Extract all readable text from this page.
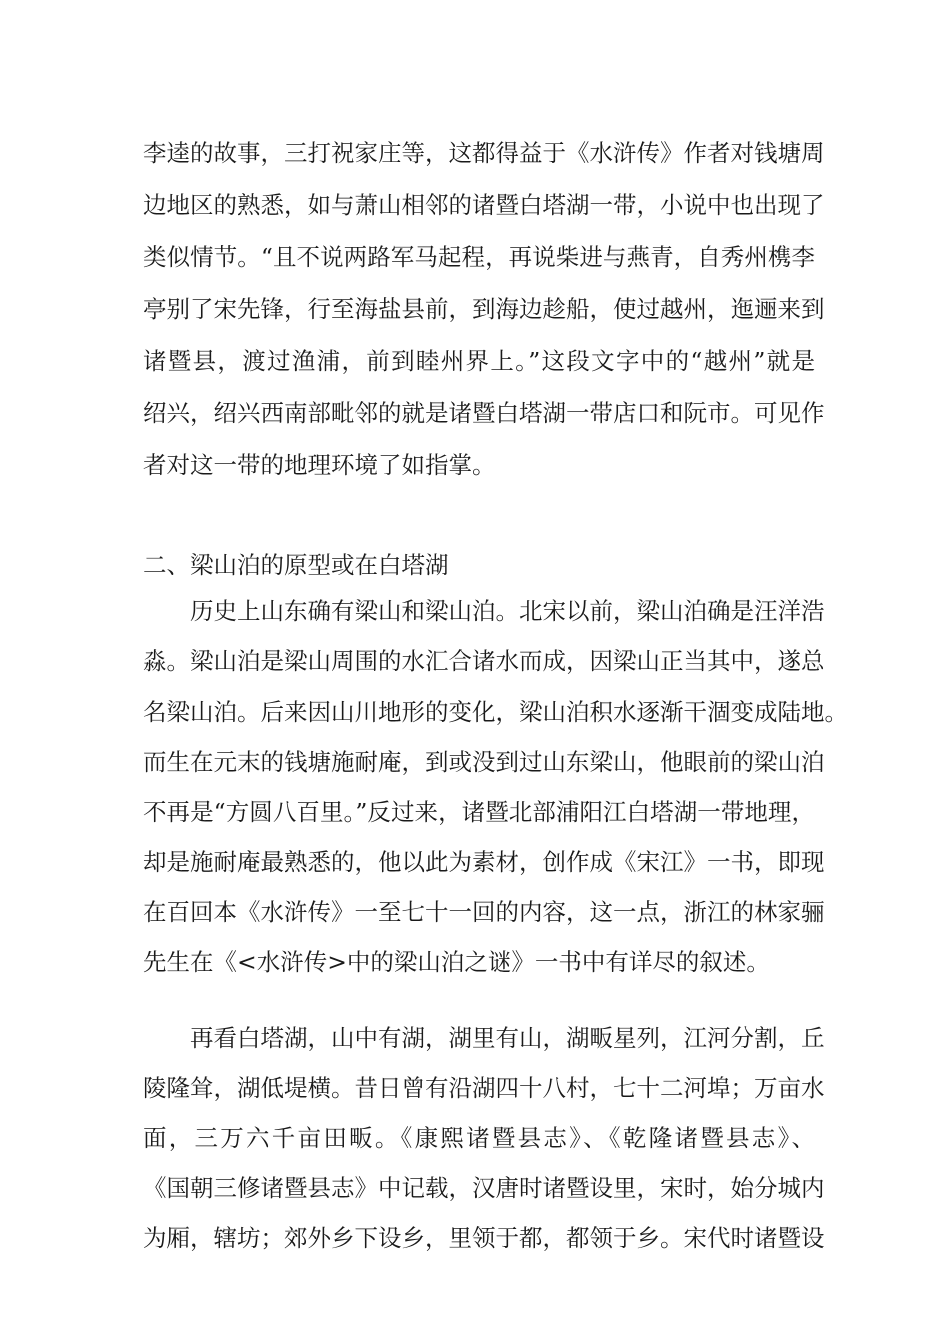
李逵的故事，三打祝家庄等，这都得益于《水浒传》作者对钱塘周
边地区的熟悉，如与萧山相邻的诸暨白塔湖一带，小说中也出现了
类似情节。“且不说两路军马起程，再说柴进与燕青，自秀州槜李
亭别了宋先锋，行至海盐县前，到海边趁船，使过越州，迤逦来到
诸暨县，渡过渔浦，前到睦州界上。”这段文字中的“越州”就是
绍兴，绍兴西南部毗邻的就是诸暨白塔湖一带店口和阮市。可见作
者对这一带的地理环境了如指掌。
二、梁山泊的原型或在白塔湖
历史上山东确有梁山和梁山泊。北宋以前，梁山泊确是汪洋浩
淼。梁山泊是梁山周围的水汇合诸水而成，因梁山正当其中，遂总
名梁山泊。后来因山川地形的变化，梁山泊积水逐渐干涸变成陆地。
而生在元末的钱塘施耐庵，到或没到过山东梁山，他眼前的梁山泊
不再是“方圆八百里。”反过来，诸暨北部浦阳江白塔湖一带地理，
却是施耐庵最熟悉的，他以此为素材，创作成《宋江》一书，即现
在百回本《水浒传》一至七十一回的内容，这一点，浙江的林家骊
先生在《<水浒传>中的梁山泊之谜》一书中有详尽的叙述。
再看白塔湖，山中有湖，湖里有山，湖畈星列，江河分割，丘
陵隆耸，湖低堤横。昔日曾有沿湖四十八村，七十二河埠；万亩水
面，三万六千亩田畈。《康熙诸暨县志》、《乾隆诸暨县志》、
《国朝三修诸暨县志》中记载，汉唐时诸暨设里，宋时，始分城内
为厢，辖坊；郊外乡下设乡，里领于都，都领于乡。宋代时诸暨设
